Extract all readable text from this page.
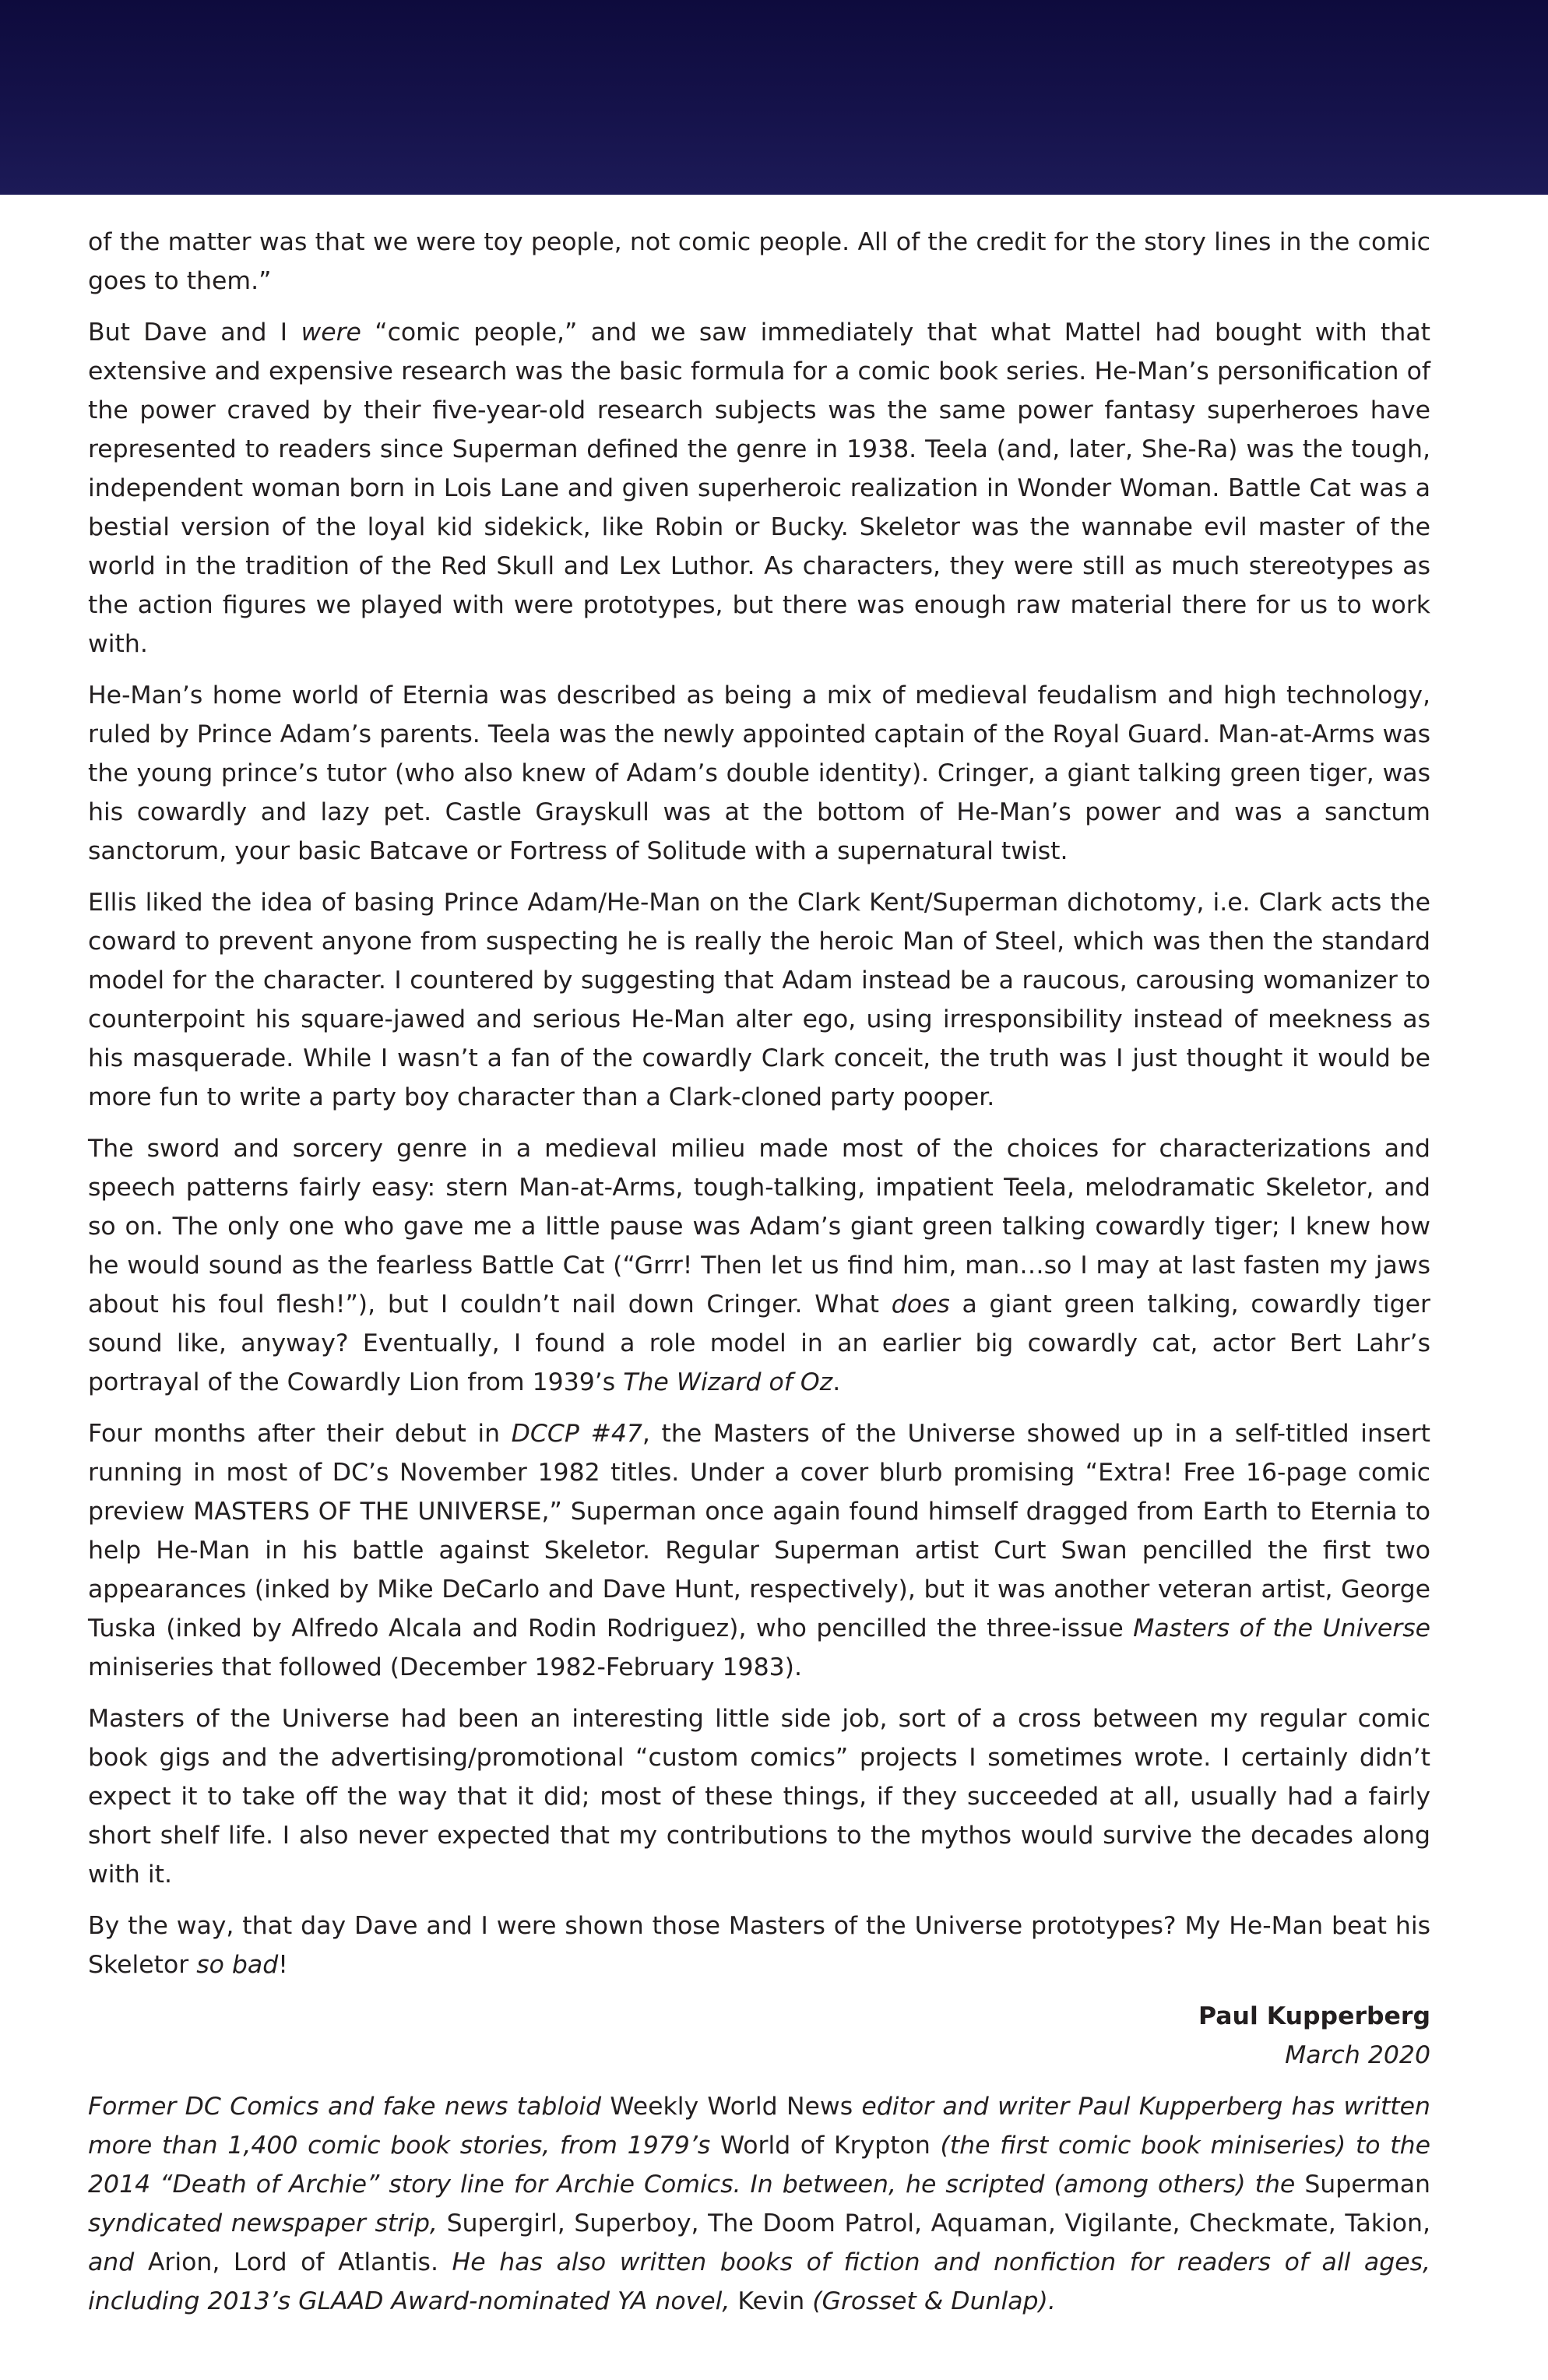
of the matter was that we were toy people, not comic people. All of the credit for the story lines in the comic goes to them.”

But Dave and I were “comic people,” and we saw immediately that what Mattel had bought with that extensive and expensive research was the basic formula for a comic book series. He-Man’s personification of the power craved by their five-year-old research subjects was the same power fantasy superheroes have represented to readers since Superman defined the genre in 1938. Teela (and, later, She-Ra) was the tough, independent woman born in Lois Lane and given superheroic realization in Wonder Woman. Battle Cat was a bestial version of the loyal kid sidekick, like Robin or Bucky. Skeletor was the wannabe evil master of the world in the tradition of the Red Skull and Lex Luthor. As characters, they were still as much stereotypes as the action figures we played with were prototypes, but there was enough raw material there for us to work with.

He-Man’s home world of Eternia was described as being a mix of medieval feudalism and high technology, ruled by Prince Adam’s parents. Teela was the newly appointed captain of the Royal Guard. Man-at-Arms was the young prince’s tutor (who also knew of Adam’s double identity). Cringer, a giant talking green tiger, was his cowardly and lazy pet. Castle Grayskull was at the bottom of He-Man’s power and was a sanctum sanctorum, your basic Batcave or Fortress of Solitude with a supernatural twist.

Ellis liked the idea of basing Prince Adam/He-Man on the Clark Kent/Superman dichotomy, i.e. Clark acts the coward to prevent anyone from suspecting he is really the heroic Man of Steel, which was then the standard model for the character. I countered by suggesting that Adam instead be a raucous, carousing womanizer to counterpoint his square-jawed and serious He-Man alter ego, using irresponsibility instead of meekness as his masquerade. While I wasn’t a fan of the cowardly Clark conceit, the truth was I just thought it would be more fun to write a party boy character than a Clark-cloned party pooper.

The sword and sorcery genre in a medieval milieu made most of the choices for characterizations and speech patterns fairly easy: stern Man-at-Arms, tough-talking, impatient Teela, melodramatic Skeletor, and so on. The only one who gave me a little pause was Adam’s giant green talking cowardly tiger; I knew how he would sound as the fearless Battle Cat (“Grrr! Then let us find him, man…so I may at last fasten my jaws about his foul flesh!”), but I couldn’t nail down Cringer. What does a giant green talking, cowardly tiger sound like, anyway? Eventually, I found a role model in an earlier big cowardly cat, actor Bert Lahr’s portrayal of the Cowardly Lion from 1939’s The Wizard of Oz.

Four months after their debut in DCCP #47, the Masters of the Universe showed up in a self-titled insert running in most of DC’s November 1982 titles. Under a cover blurb promising “Extra! Free 16-page comic preview MASTERS OF THE UNIVERSE,” Superman once again found himself dragged from Earth to Eternia to help He-Man in his battle against Skeletor. Regular Superman artist Curt Swan pencilled the first two appearances (inked by Mike DeCarlo and Dave Hunt, respectively), but it was another veteran artist, George Tuska (inked by Alfredo Alcala and Rodin Rodriguez), who pencilled the three-issue Masters of the Universe miniseries that followed (December 1982-February 1983).

Masters of the Universe had been an interesting little side job, sort of a cross between my regular comic book gigs and the advertising/promotional “custom comics” projects I sometimes wrote. I certainly didn’t expect it to take off the way that it did; most of these things, if they succeeded at all, usually had a fairly short shelf life. I also never expected that my contributions to the mythos would survive the decades along with it.

By the way, that day Dave and I were shown those Masters of the Universe prototypes? My He-Man beat his Skeletor so bad!

Paul Kupperberg

March 2020

Former DC Comics and fake news tabloid Weekly World News editor and writer Paul Kupperberg has written more than 1,400 comic book stories, from 1979’s World of Krypton (the first comic book miniseries) to the 2014 “Death of Archie” story line for Archie Comics. In between, he scripted (among others) the Superman syndicated newspaper strip, Supergirl, Superboy, The Doom Patrol, Aquaman, Vigilante, Checkmate, Takion, and Arion, Lord of Atlantis. He has also written books of fiction and nonfiction for readers of all ages, including 2013’s GLAAD Award-nominated YA novel, Kevin (Grosset & Dunlap).
